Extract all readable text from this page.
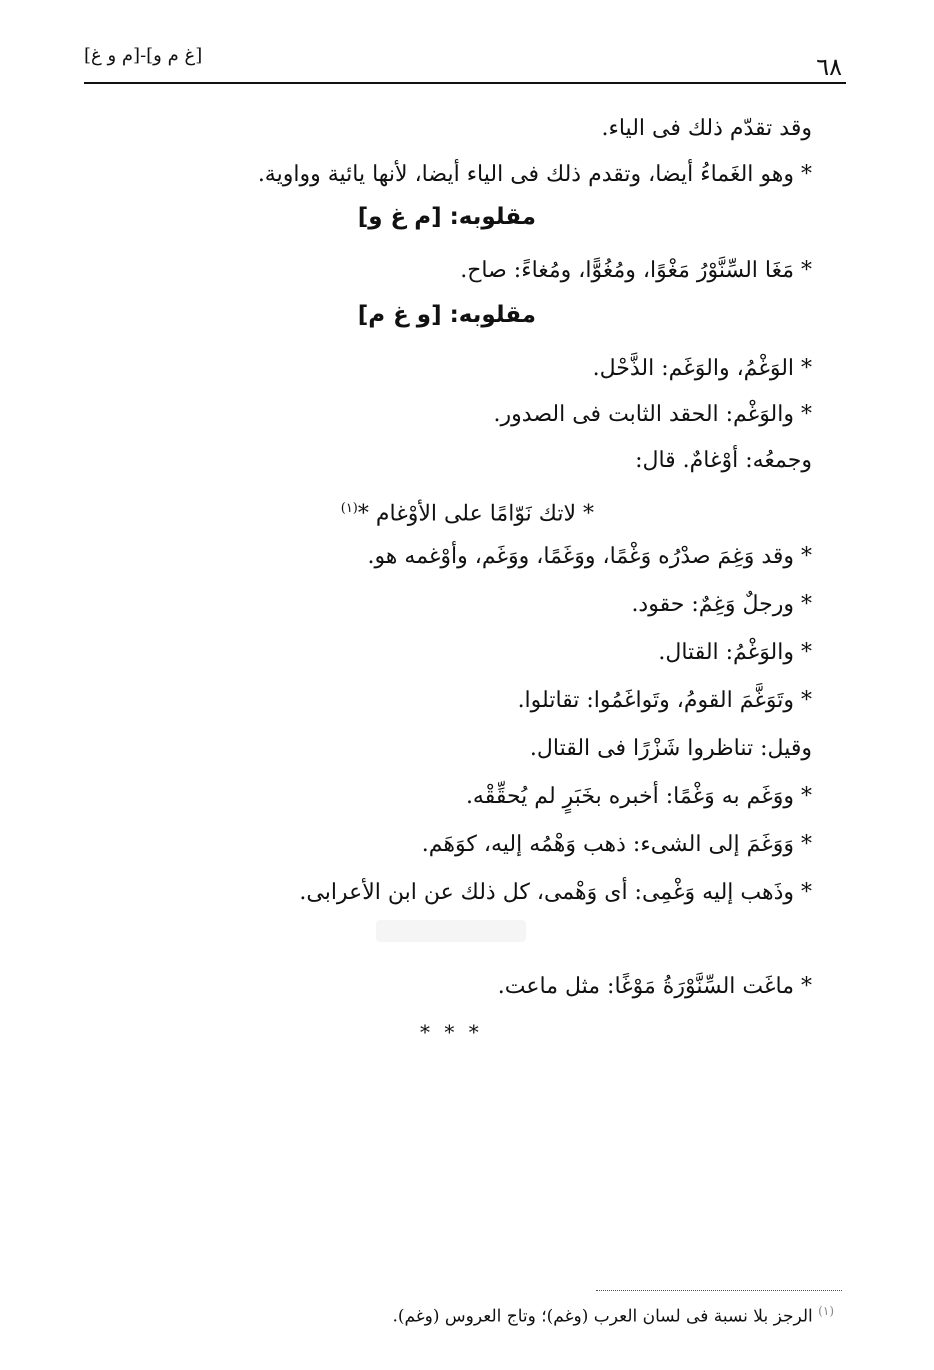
٦٨
[غ م و]-[م و غ]
وقد تقدّم ذلك فى الياء.
* وهو الغَماءُ أيضا، وتقدم ذلك فى الياء أيضا، لأنها يائية وواوية.
مقلوبه: [م غ و]
* مَغَا السِّنَّوْرُ مَغْوًا، ومُغُوًّا، ومُغاءً: صاح.
مقلوبه: [و غ م]
* الوَغْمُ، والوَغَم: الذَّحْل.
* والوَغْم: الحقد الثابت فى الصدور.
وجمعُه: أوْغامٌ. قال:
* لاتك نَوّامًا على الأوْغام *$^{(١)}$
* وقد وَغِمَ صدْرُه وَغْمًا، ووَغَمًا، ووَغَم، وأوْغمه هو.
* ورجلٌ وَغِمٌ: حقود.
* والوَغْمُ: القتال.
* وتَوَغَّمَ القومُ، وتَواغَمُوا: تقاتلوا.
وقيل: تناظروا شَزْرًا فى القتال.
* ووَغَم به وَغْمًا: أخبره بخَبَرٍ لم يُحقِّقْه.
* وَوَغَمَ إلى الشىء: ذهب وَهْمُه إليه، كوَهَم.
* وذَهب إليه وَغْمِى: أى وَهْمى، كل ذلك عن ابن الأعرابى.
* ماغَت السِّنَّوْرَةُ مَوْغًا: مثل ماعت.
* * *
$^{(١)}$ الرجز بلا نسبة فى لسان العرب (وغم)؛ وتاج العروس (وغم).
